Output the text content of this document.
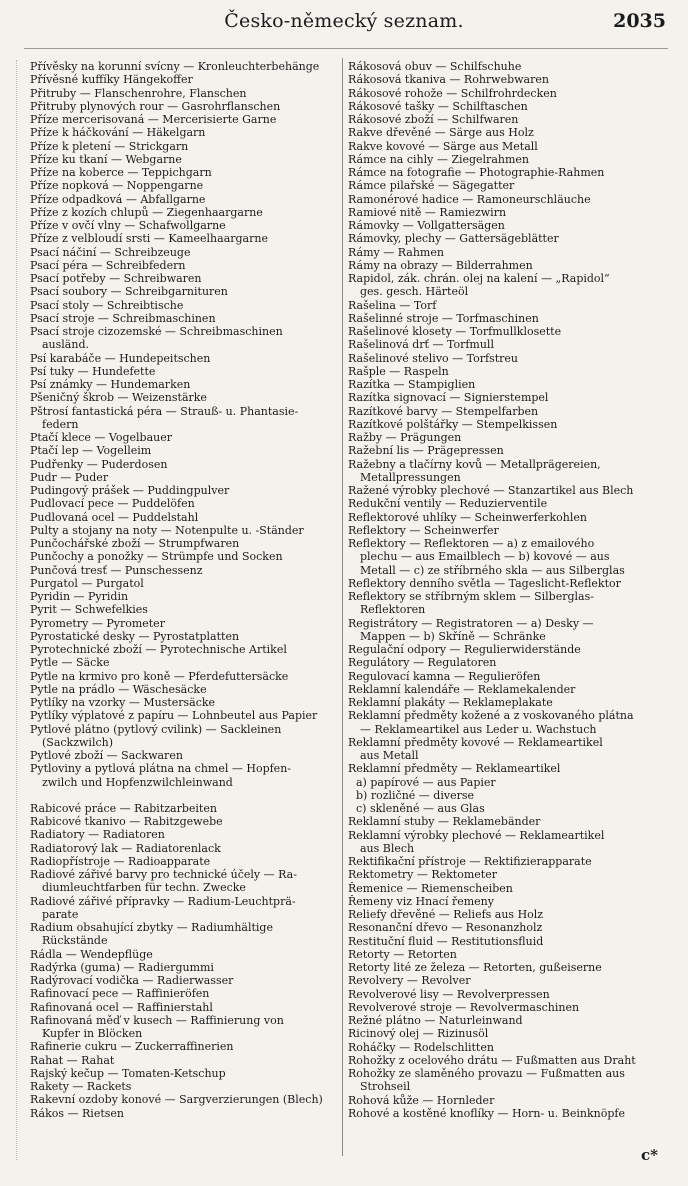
Česko-německý seznam.	2035
Přívěsky na korunní svícny — Kronleuchterbehänge
Přívěsné kuffíky Hängekoffer
Přitruby — Flanschenrohre, Flanschen
Přitruby plynových rour — Gasrohrflanschen
Příze mercerisovaná — Mercerisierte Garne
Příze k háčkování — Häkelgarn
Příze k pletení — Strickgarn
Příze ku tkaní — Webgarne
Příze na koberce — Teppichgarn
Příze nopková — Noppengarne
Příze odpadková — Abfallgarne
Příze z kozích chlupů — Ziegenhaargarne
Příze v ovčí vlny — Schafwollgarne
Příze z velbloudí srsti — Kameelhaargarne
Psací náčiní — Schreibzeuge
Psací péra — Schreibfedern
Psací potřeby — Schreibwaren
Psací soubory — Schreibgarnituren
Psací stoly — Schreibtische
Psací stroje — Schreibmaschinen
Psací stroje cizozemské — Schreibmaschinen
ausländ.
Psí karabáče — Hundepeitschen
Psí tuky — Hundefette
Psí známky — Hundemarken
Pšeničný škrob — Weizenstärke
Pštrosí fantastická péra — Strauß- u. Phantasie-
federn
Ptačí klece — Vogelbauer
Ptačí lep — Vogelleim
Pudřenky — Puderdosen
Pudr — Puder
Pudingový prášek — Puddingpulver
Pudlovací pece — Puddelöfen
Pudlovaná ocel — Puddelstahl
Pulty a stojany na noty — Notenpulte u. -Ständer
Punčochářské zboží — Strumpfwaren
Punčochy a ponožky — Strümpfe und Socken
Punčová tresť — Punschessenz
Purgatol — Purgatol
Pyridin — Pyridin
Pyrit — Schwefelkies
Pyrometry — Pyrometer
Pyrostatické desky — Pyrostatplatten
Pyrotechnické zboží — Pyrotechnische Artikel
Pytle — Säcke
Pytle na krmivo pro koně — Pferdefuttersäcke
Pytle na prádlo — Wäschesäcke
Pytlíky na vzorky — Mustersäcke
Pytlíky výplatové z papíru — Lohnbeutel aus Papier
Pytlové plátno (pytlový cvilink) — Sackleinen
(Sackzwilch)
Pytlové zboží — Sackwaren
Pytloviny a pytlová plátna na chmel — Hopfen-
zwilch und Hopfenzwilchleinwand
Rabicové práce — Rabitzarbeiten
Rabicové tkanivo — Rabitzgewebe
Radiatory — Radiatoren
Radiatorový lak — Radiatorenlack
Radiopřístroje — Radioapparate
Radiové zářivé barvy pro technické účely — Ra-
diumleuchtfarben für techn. Zwecke
Radiové zářivé přípravky — Radium-Leuchtprä-
parate
Radium obsahující zbytky — Radiumhältige
Rückstände
Rádla — Wendepflüge
Radýrka (guma) — Radiergummi
Radýrovací vodička — Radierwasser
Rafinovací pece — Raffinieröfen
Rafinovaná ocel — Raffinierstahl
Rafinovaná měď v kusech — Raffinierung von
Kupfer in Blöcken
Rafinerie cukru — Zuckerraffinerien
Rahat — Rahat
Rajský kečup — Tomaten-Ketschup
Rakety — Rackets
Rakevní ozdoby konové — Sargverzierungen (Blech)
Rákos — Rietsen
Rákosová obuv — Schilfschuhe
Rákosová tkaniva — Rohrwebwaren
Rákosové rohože — Schilfrohrdecken
Rákosové tašky — Schilftaschen
Rákosové zboží — Schilfwaren
Rakve dřevěné — Särge aus Holz
Rakve kovové — Särge aus Metall
Rámce na cihly — Ziegelrahmen
Rámce na fotografie — Photographie-Rahmen
Rámce pilařské — Sägegatter
Ramonérové hadice — Ramoneurschläuche
Ramiové nitě — Ramiezwirn
Rámovky — Vollgattersägen
Rámovky, plechy — Gattersägeblätter
Rámy — Rahmen
Rámy na obrazy — Bilderrahmen
Rapidol, zák. chrán. olej na kalení — „Rapidol“
ges. gesch. Härteöl
Rašelina — Torf
Rašelinné stroje — Torfmaschinen
Rašelinové klosety — Torfmullklosette
Rašelinová drť — Torfmull
Rašelinové stelivo — Torfstreu
Rašple — Raspeln
Razítka — Stampiglien
Razítka signovací — Signierstempel
Razítkové barvy — Stempelfarben
Razítkové polštářky — Stempelkissen
Ražby — Prägungen
Ražební lis — Prägepressen
Ražebny a tlačírny kovů — Metallprägereien,
Metallpressungen
Ražené výrobky plechové — Stanzartikel aus Blech
Redukční ventily — Reduzierventile
Reflektorové uhlíky — Scheinwerferkohlen
Reflektory — Scheinwerfer
Reflektory — Reflektoren — a) z emailového
plechu — aus Emailblech — b) kovové — aus
Metall — c) ze stříbrného skla — aus Silberglas
Reflektory denního světla — Tageslicht-Reflektor
Reflektory se stříbrným sklem — Silberglas-
Reflektoren
Registrátory — Registratoren — a) Desky —
Mappen — b) Skříně — Schränke
Regulační odpory — Regulierwiderstände
Regulátory — Regulatoren
Regulovací kamna — Regulieröfen
Reklamní kalendáře — Reklamekalender
Reklamní plakáty — Reklameplakate
Reklamní předměty kožené a z voskovaného plátna
— Reklameartikel aus Leder u. Wachstuch
Reklamní předměty kovové — Reklameartikel
aus Metall
Reklamní předměty — Reklameartikel
a) papírové — aus Papier
b) rozličné — diverse
c) skleněné — aus Glas
Reklamní stuby — Reklamebänder
Reklamní výrobky plechové — Reklameartikel
aus Blech
Rektifikační přístroje — Rektifizierapparate
Rektometry — Rektometer
Řemenice — Riemenscheiben
Řemeny viz Hnací řemeny
Reliefy dřevěné — Reliefs aus Holz
Resonanční dřevo — Resonanzholz
Restituční fluid — Restitutionsfluid
Retorty — Retorten
Retorty lité ze železa — Retorten, gußeiserne
Revolvery — Revolver
Revolverové lisy — Revolverpressen
Revolverové stroje — Revolvermaschinen
Režné plátno — Naturleinwand
Ricinový olej — Rizinusöl
Roháčky — Rodelschlitten
Rohožky z ocelového drátu — Fußmatten aus Draht
Rohožky ze slaměného provazu — Fußmatten aus
Strohseil
Rohová kůže — Hornleder
Rohové a kostěné knoflíky — Horn- u. Beinknöpfe
c*
